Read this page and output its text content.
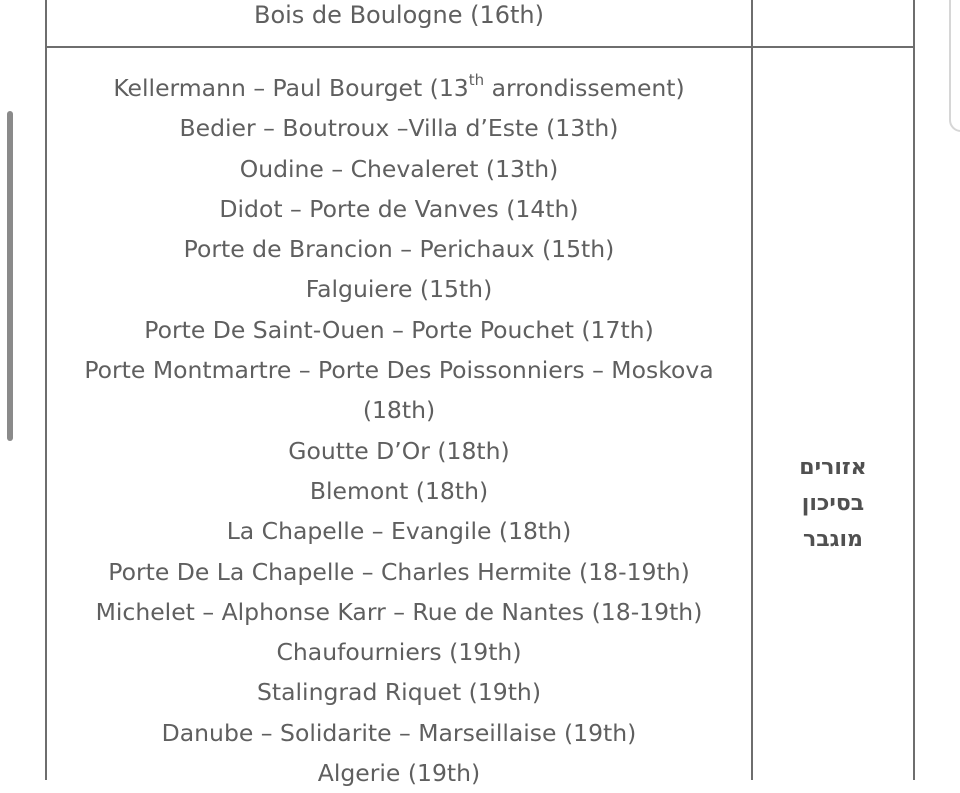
Bois de Boulogne (16th)
Kellermann – Paul Bourget (13th arrondissement)
Bedier – Boutroux –Villa d’Este (13th)
Oudine – Chevaleret (13th)
Didot – Porte de Vanves (14th)
Porte de Brancion – Perichaux (15th)
Falguiere (15th)
Porte De Saint-Ouen – Porte Pouchet (17th)
Porte Montmartre – Porte Des Poissonniers – Moskova (18th)
Goutte D’Or (18th)
Blemont (18th)
La Chapelle – Evangile (18th)
Porte De La Chapelle – Charles Hermite (18-19th)
Michelet – Alphonse Karr – Rue de Nantes (18-19th)
Chaufourniers (19th)
Stalingrad Riquet (19th)
Danube – Solidarite – Marseillaise (19th)
Algerie (19th)
אזורים
בסיכון
מוגבר
